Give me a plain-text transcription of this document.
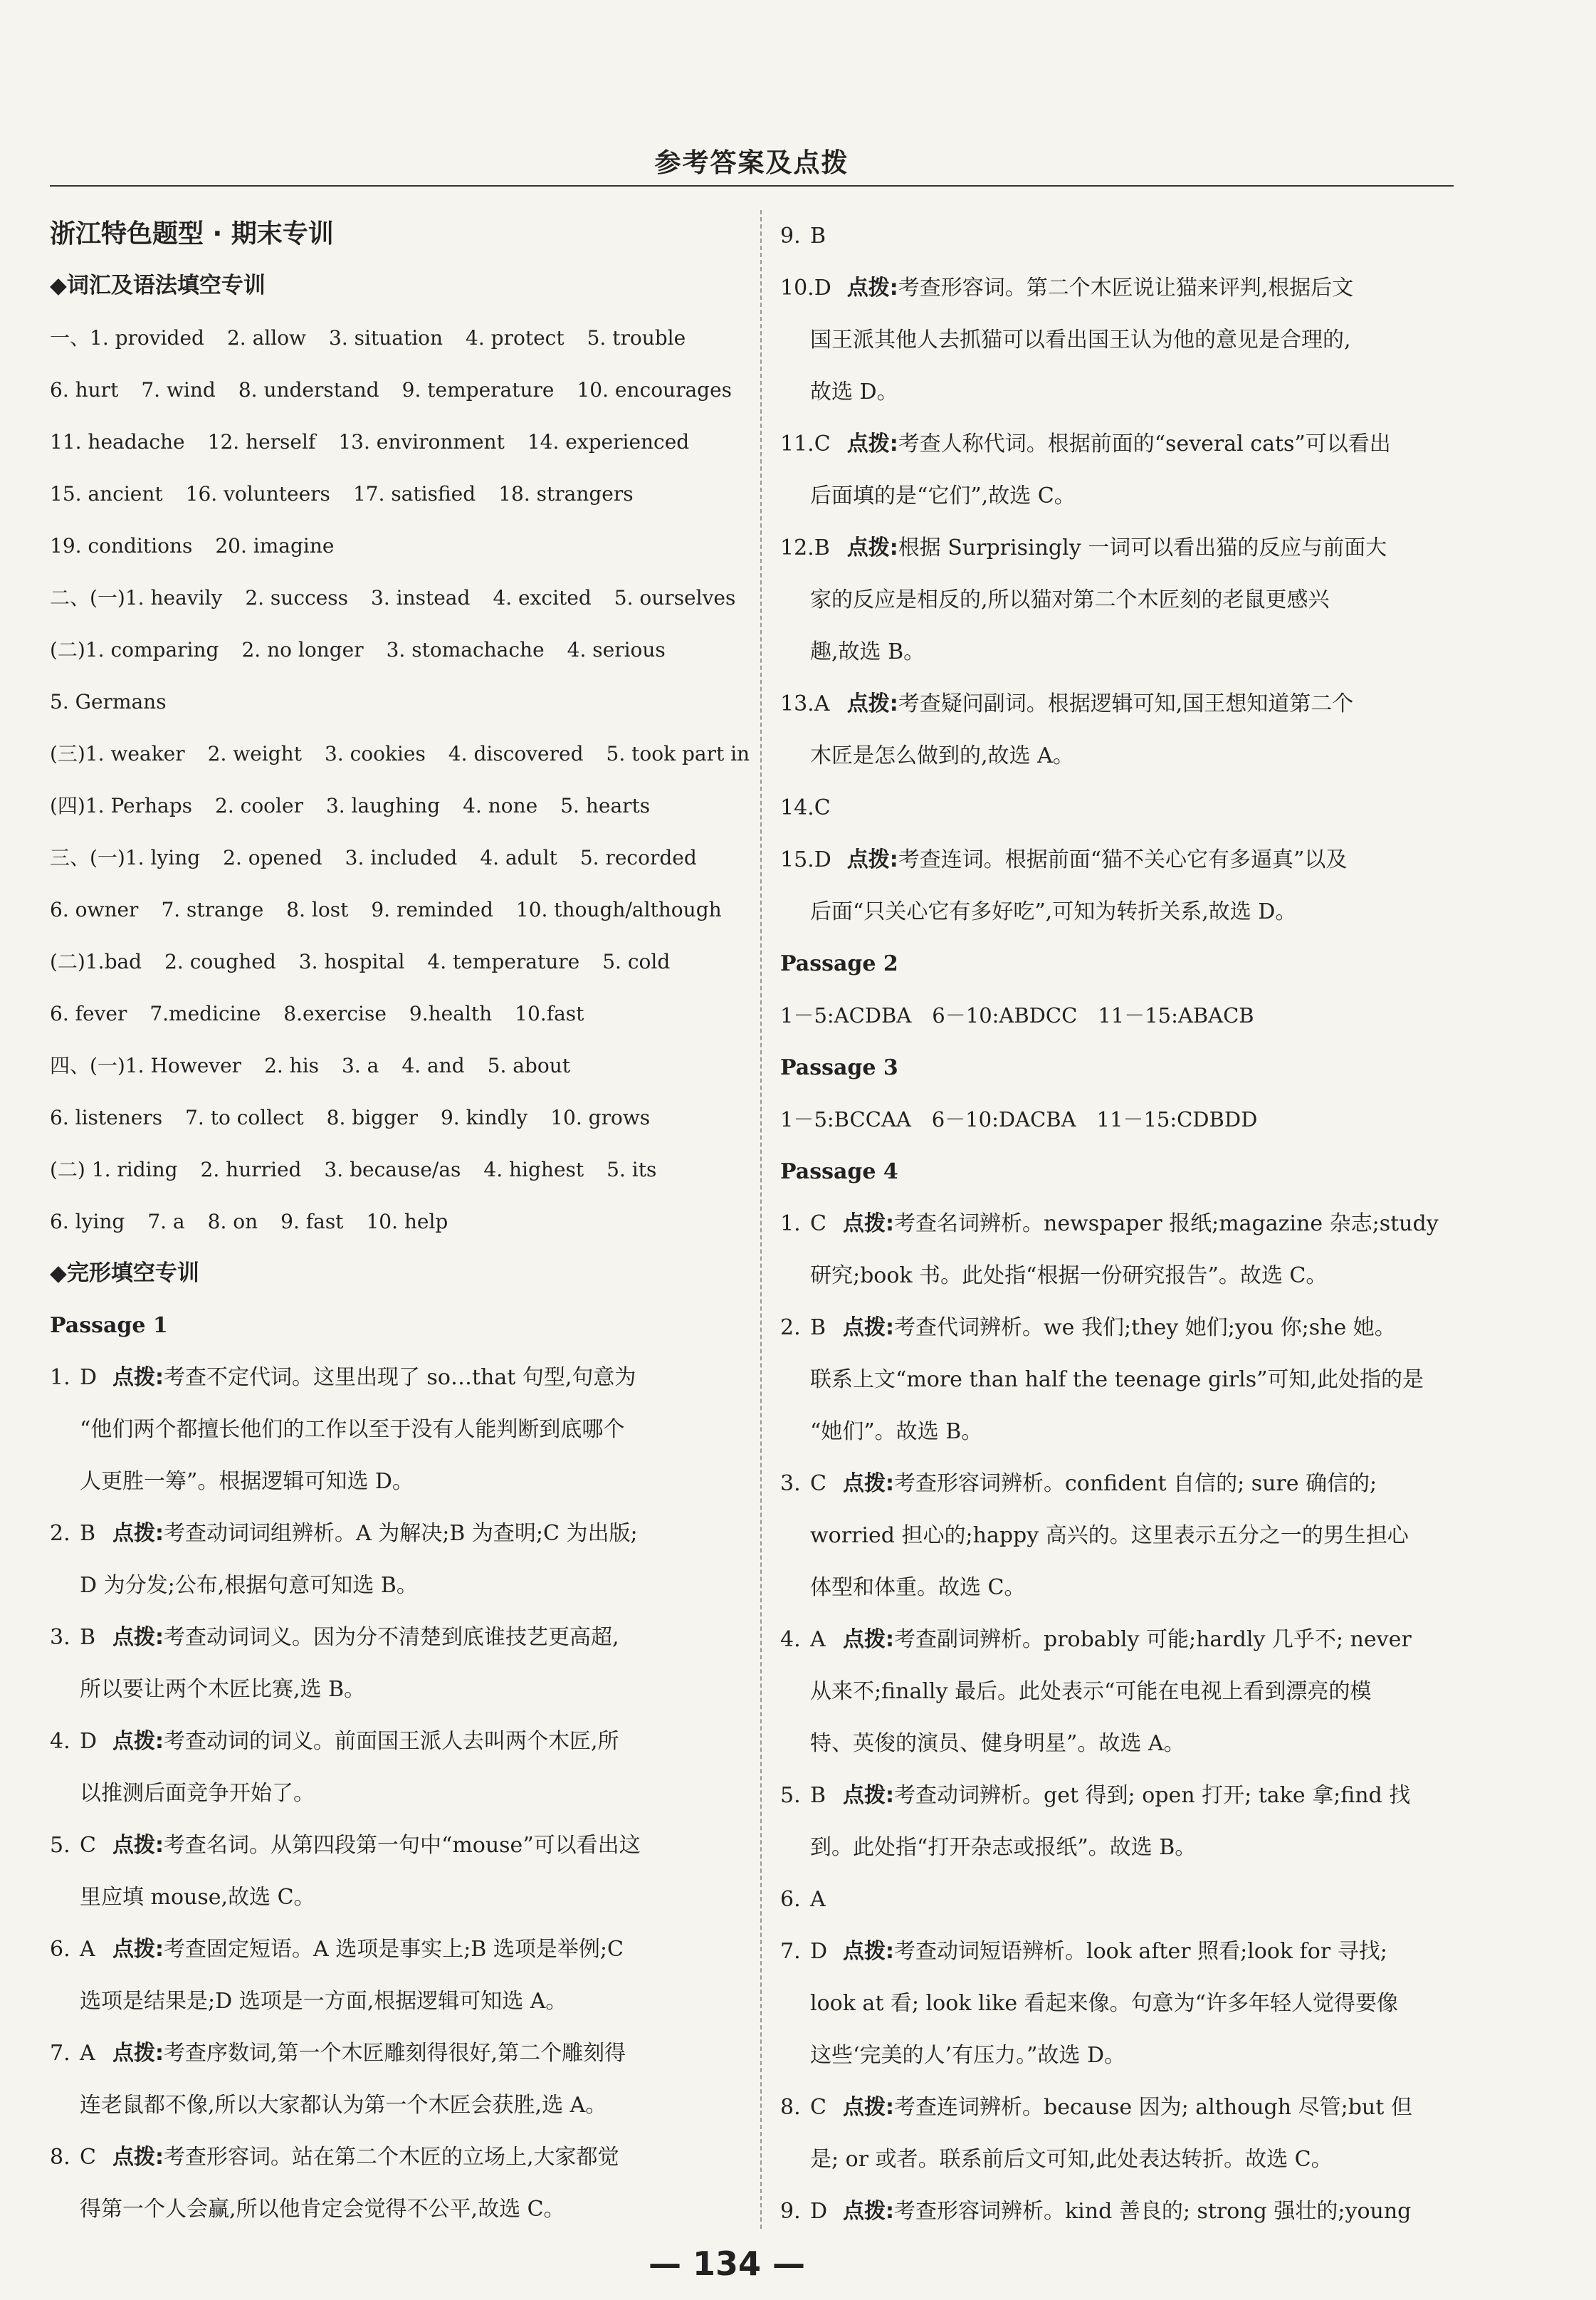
参考答案及点拨
浙江特色题型 · 期末专训
◆词汇及语法填空专训
一、1. provided 2. allow 3. situation 4. protect 5. trouble
6. hurt 7. wind 8. understand 9. temperature 10. encourages
11. headache 12. herself 13. environment 14. experienced
15. ancient 16. volunteers 17. satisfied 18. strangers
19. conditions 20. imagine
二、(一)1. heavily 2. success 3. instead 4. excited 5. ourselves
(二)1. comparing 2. no longer 3. stomachache 4. serious
5. Germans
(三)1. weaker 2. weight 3. cookies 4. discovered 5. took part in
(四)1. Perhaps 2. cooler 3. laughing 4. none 5. hearts
三、(一)1. lying 2. opened 3. included 4. adult 5. recorded
6. owner 7. strange 8. lost 9. reminded 10. though/although
(二)1.bad 2. coughed 3. hospital 4. temperature 5. cold
6. fever 7.medicine 8.exercise 9.health 10.fast
四、(一)1. However 2. his 3. a 4. and 5. about
6. listeners 7. to collect 8. bigger 9. kindly 10. grows
(二) 1. riding 2. hurried 3. because/as 4. highest 5. its
6. lying 7. a 8. on 9. fast 10. help
◆完形填空专训
Passage 1
1. D 点拨:考查不定代词。这里出现了 so…that 句型,句意为
“他们两个都擅长他们的工作以至于没有人能判断到底哪个
人更胜一筹”。根据逻辑可知选 D。
2. B 点拨:考查动词词组辨析。A 为解决;B 为查明;C 为出版;
D 为分发;公布,根据句意可知选 B。
3. B 点拨:考查动词词义。因为分不清楚到底谁技艺更高超,
所以要让两个木匠比赛,选 B。
4. D 点拨:考查动词的词义。前面国王派人去叫两个木匠,所
以推测后面竞争开始了。
5. C 点拨:考查名词。从第四段第一句中“mouse”可以看出这
里应填 mouse,故选 C。
6. A 点拨:考查固定短语。A 选项是事实上;B 选项是举例;C
选项是结果是;D 选项是一方面,根据逻辑可知选 A。
7. A 点拨:考查序数词,第一个木匠雕刻得很好,第二个雕刻得
连老鼠都不像,所以大家都认为第一个木匠会获胜,选 A。
8. C 点拨:考查形容词。站在第二个木匠的立场上,大家都觉
得第一个人会赢,所以他肯定会觉得不公平,故选 C。
9. B
10.D 点拨:考查形容词。第二个木匠说让猫来评判,根据后文
国王派其他人去抓猫可以看出国王认为他的意见是合理的,
故选 D。
11.C 点拨:考查人称代词。根据前面的“several cats”可以看出
后面填的是“它们”,故选 C。
12.B 点拨:根据 Surprisingly 一词可以看出猫的反应与前面大
家的反应是相反的,所以猫对第二个木匠刻的老鼠更感兴
趣,故选 B。
13.A 点拨:考查疑问副词。根据逻辑可知,国王想知道第二个
木匠是怎么做到的,故选 A。
14.C
15.D 点拨:考查连词。根据前面“猫不关心它有多逼真”以及
后面“只关心它有多好吃”,可知为转折关系,故选 D。
Passage 2
1－5:ACDBA　6－10:ABDCC　11－15:ABACB
Passage 3
1－5:BCCAA　6－10:DACBA　11－15:CDBDD
Passage 4
1. C 点拨:考查名词辨析。newspaper 报纸;magazine 杂志;study
研究;book 书。此处指“根据一份研究报告”。故选 C。
2. B 点拨:考查代词辨析。we 我们;they 她们;you 你;she 她。
联系上文“more than half the teenage girls”可知,此处指的是
“她们”。故选 B。
3. C 点拨:考查形容词辨析。confident 自信的; sure 确信的;
worried 担心的;happy 高兴的。这里表示五分之一的男生担心
体型和体重。故选 C。
4. A 点拨:考查副词辨析。probably 可能;hardly 几乎不; never
从来不;finally 最后。此处表示“可能在电视上看到漂亮的模
特、英俊的演员、健身明星”。故选 A。
5. B 点拨:考查动词辨析。get 得到; open 打开; take 拿;find 找
到。此处指“打开杂志或报纸”。故选 B。
6. A
7. D 点拨:考查动词短语辨析。look after 照看;look for 寻找;
look at 看; look like 看起来像。句意为“许多年轻人觉得要像
这些‘完美的人’有压力。”故选 D。
8. C 点拨:考查连词辨析。because 因为; although 尽管;but 但
是; or 或者。联系前后文可知,此处表达转折。故选 C。
9. D 点拨:考查形容词辨析。kind 善良的; strong 强壮的;young
— 134 —
